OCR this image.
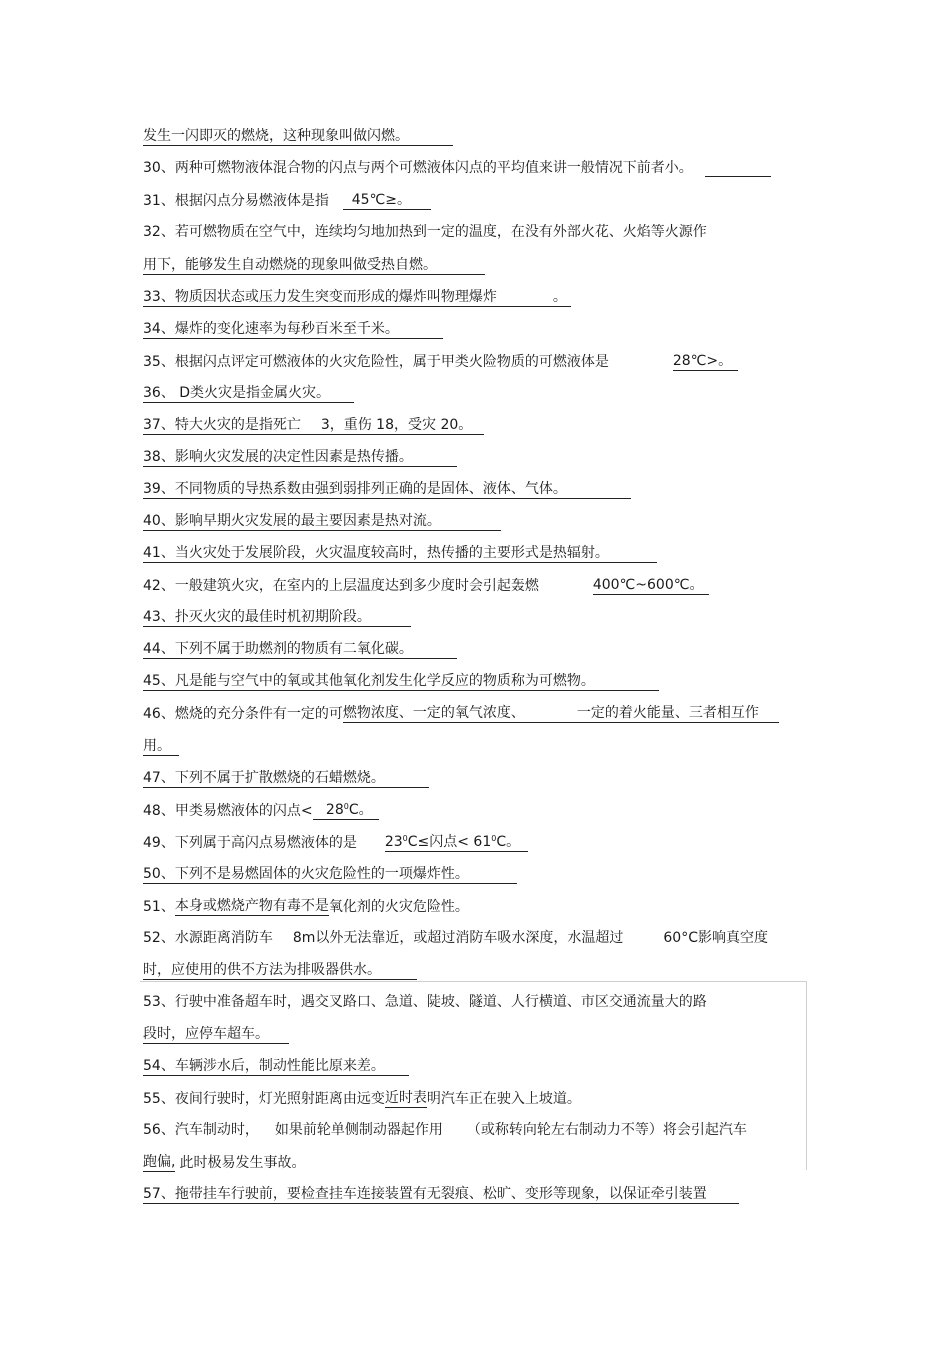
发生一闪即灭的燃烧，这种现象叫做闪燃。
30、两种可燃物液体混合物的闪点与两个可燃液体闪点的平均值来讲一般情况下前者小。
31、根据闪点分易燃液体是指 45℃≥。
32、若可燃物质在空气中，连续均匀地加热到一定的温度，在没有外部火花、火焰等火源作
用下，能够发生自动燃烧的现象叫做受热自燃。
33、物质因状态或压力发生突变而形成的爆炸叫物理爆炸	。
34、爆炸的变化速率为每秒百米至千米。
35、根据闪点评定可燃液体的火灾危险性，属于甲类火险物质的可燃液体是	28℃>。
36、 D类火灾是指金属火灾。
37、特大火灾的是指死亡 3，重伤 18，受灾 20。
38、影响火灾发展的决定性因素是热传播。
39、不同物质的导热系数由强到弱排列正确的是固体、液体、气体。
40、影响早期火灾发展的最主要因素是热对流。
41、当火灾处于发展阶段，火灾温度较高时，热传播的主要形式是热辐射。
42、一般建筑火灾，在室内的上层温度达到多少度时会引起轰燃	400℃~600℃。
43、扑灭火灾的最佳时机初期阶段。
44、下列不属于助燃剂的物质有二氧化碳。
45、凡是能与空气中的氧或其他氧化剂发生化学反应的物质称为可燃物。
46、燃烧的充分条件有一定的可燃物浓度、一定的氧气浓度、	一定的着火能量、三者相互作
用。
47、下列不属于扩散燃烧的石蜡燃烧。
48、甲类易燃液体的闪点< $28^0C$。
49、下列属于高闪点易燃液体的是 $23^0C\le$闪点< $61^0C$。
50、下列不是易燃固体的火灾危险性的一项爆炸性。
51、本身或燃烧产物有毒不是氧化剂的火灾危险性。
52、水源距离消防车 8m以外无法靠近，或超过消防车吸水深度，水温超过	60°C影响真空度
时，应使用的供不方法为排吸器供水。
53、行驶中准备超车时，遇交叉路口、急道、陡坡、隧道、人行横道、市区交通流量大的路
段时，应停车超车。
54、车辆涉水后，制动性能比原来差。
55、夜间行驶时，灯光照射距离由远变近时表明汽车正在驶入上坡道。
56、汽车制动时， 如果前轮单侧制动器起作用 （或称转向轮左右制动力不等）将会引起汽车
跑偏, 此时极易发生事故。
57、拖带挂车行驶前，要检查挂车连接装置有无裂痕、松旷、变形等现象，以保证牵引装置
